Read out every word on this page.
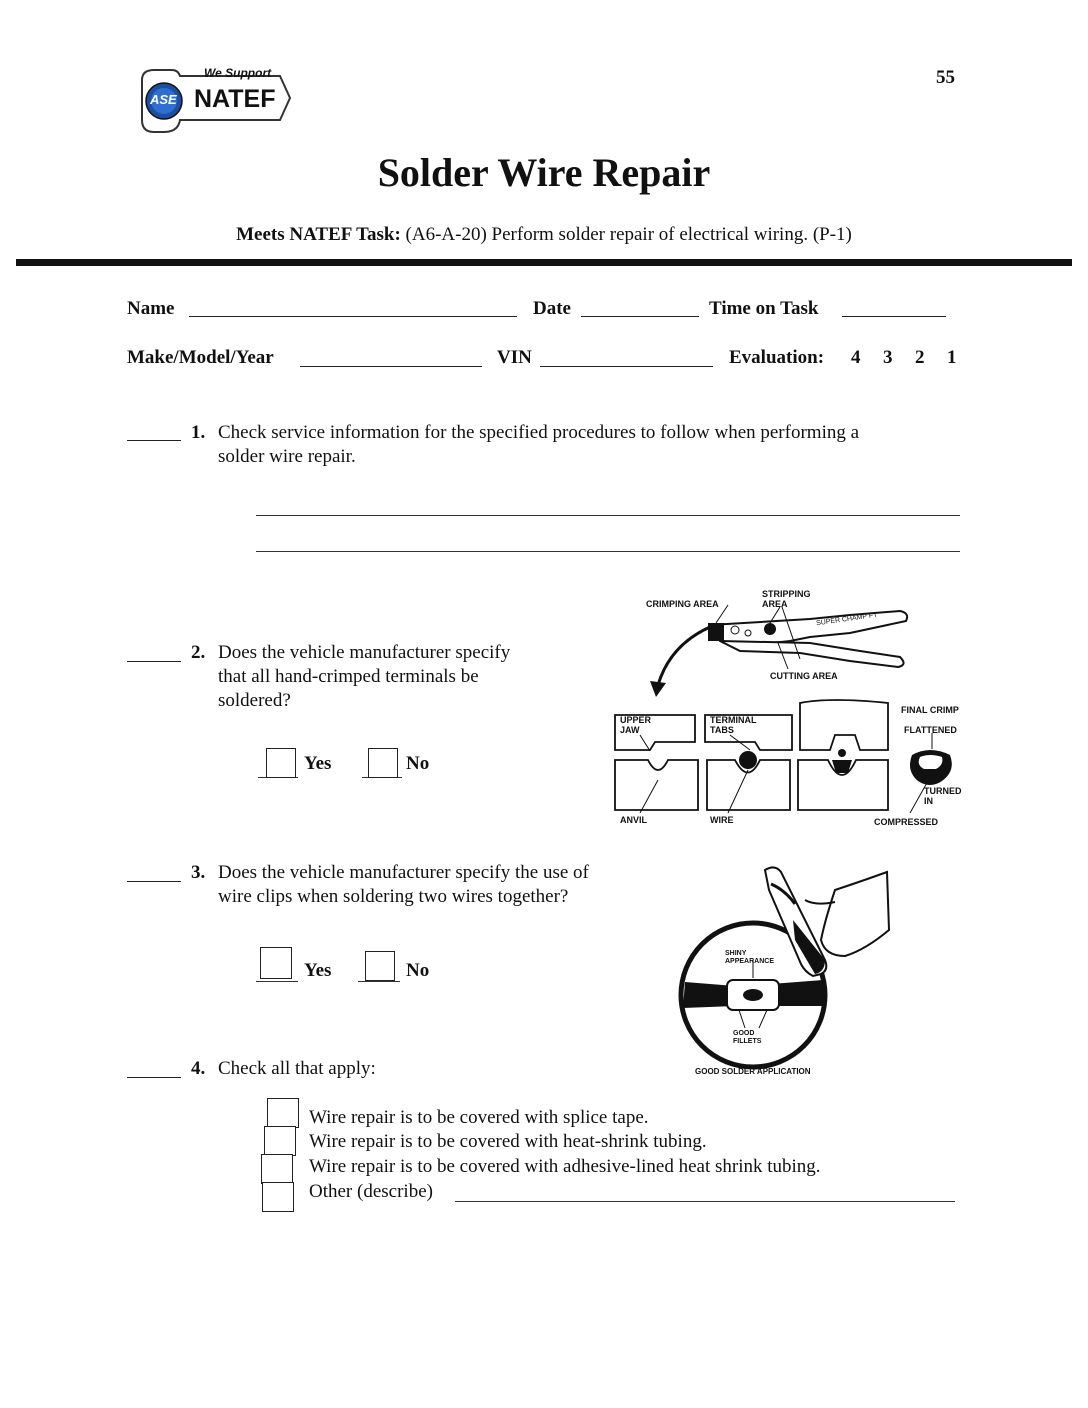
We Support
ASE NATEF
55
Solder Wire Repair
Meets NATEF Task: (A6-A-20) Perform solder repair of electrical wiring. (P-1)
Name	Date	Time on Task
Make/Model/Year	VIN	Evaluation: 4 3 2 1
1. Check service information for the specified procedures to follow when performing a
solder wire repair.
2. Does the vehicle manufacturer specify
that all hand-crimped terminals be
soldered?
Yes	No
CRIMPING AREA
STRIPPING
AREA
SUPER CHAMP FT
CUTTING AREA
UPPER
JAW
TERMINAL
TABS
FINAL CRIMP
FLATTENED
TURNED
IN
ANVIL	WIRE	COMPRESSED
3. Does the vehicle manufacturer specify the use of
wire clips when soldering two wires together?
Yes	No
SHINY
APPEARANCE
GOOD
FILLETS
GOOD SOLDER APPLICATION
4. Check all that apply:
Wire repair is to be covered with splice tape.
Wire repair is to be covered with heat-shrink tubing.
Wire repair is to be covered with adhesive-lined heat shrink tubing.
Other (describe)
